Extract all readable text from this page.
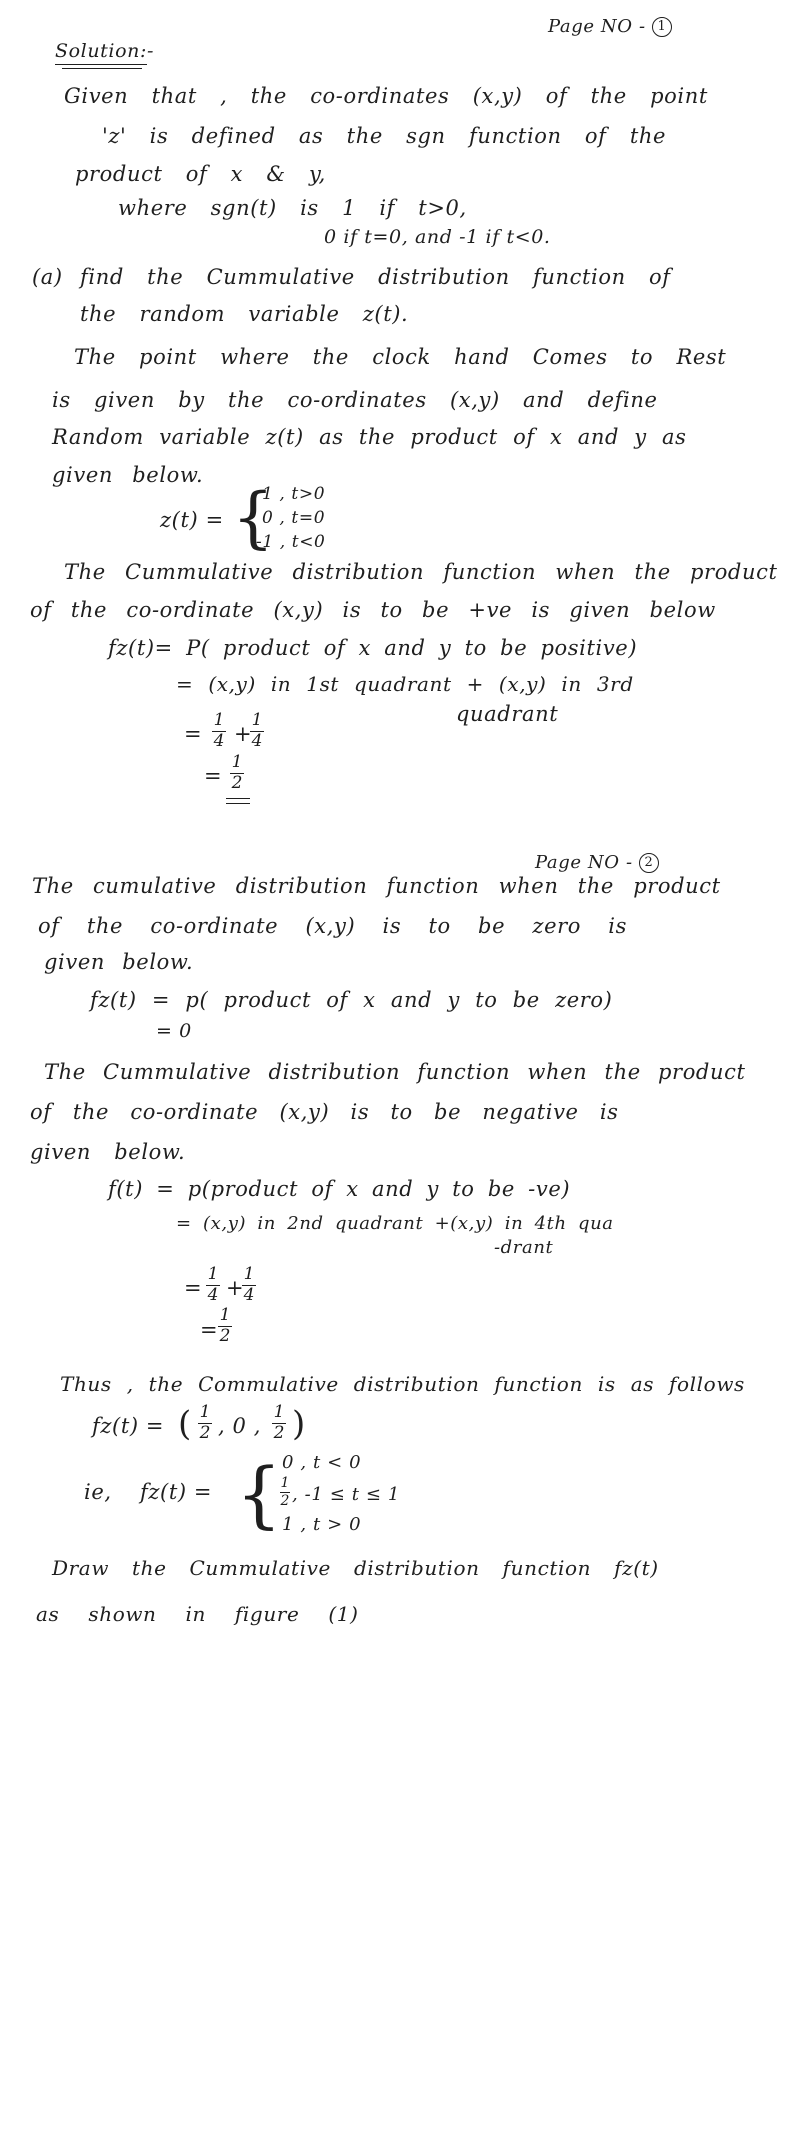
Page NO - 1
Solution:-
Given that , the co-ordinates (x,y) of the point
'z' is defined as the sgn function of the
product of x & y,
where sgn(t) is 1 if t>0,
0 if t=0, and -1 if t<0.
(a) find the Cummulative distribution function of
the random variable z(t).
The point where the clock hand Comes to Rest
is given by the co-ordinates (x,y) and define
Random variable z(t) as the product of x and y as
given below.
z(t) = {
1 , t>0
0 , t=0
-1 , t<0
The Cummulative distribution function when the product
of the co-ordinate (x,y) is to be +ve is given below
fz(t)= P( product of x and y to be positive)
= (x,y) in 1st quadrant + (x,y) in 3rd
quadrant
=
1
4 +
1
4
=
1
2
Page NO - 2
The cumulative distribution function when the product
of the co-ordinate (x,y) is to be zero is
given below.
fz(t) = p( product of x and y to be zero)
= 0
The Cummulative distribution function when the product
of the co-ordinate (x,y) is to be negative is
given below.
f(t) = p(product of x and y to be -ve)
= (x,y) in 2nd quadrant +(x,y) in 4th qua
-drant
=
1
4 +
1
4
=
1
2
Thus , the Commulative distribution function is as follows
fz(t) = ( 1
2 , 0 ,
1
2 )
ie, fz(t) = { 0 , t < 0
1
2 , -1 ≤ t ≤ 1
1 , t > 0
Draw the Cummulative distribution function fz(t)
as shown in figure (1)
